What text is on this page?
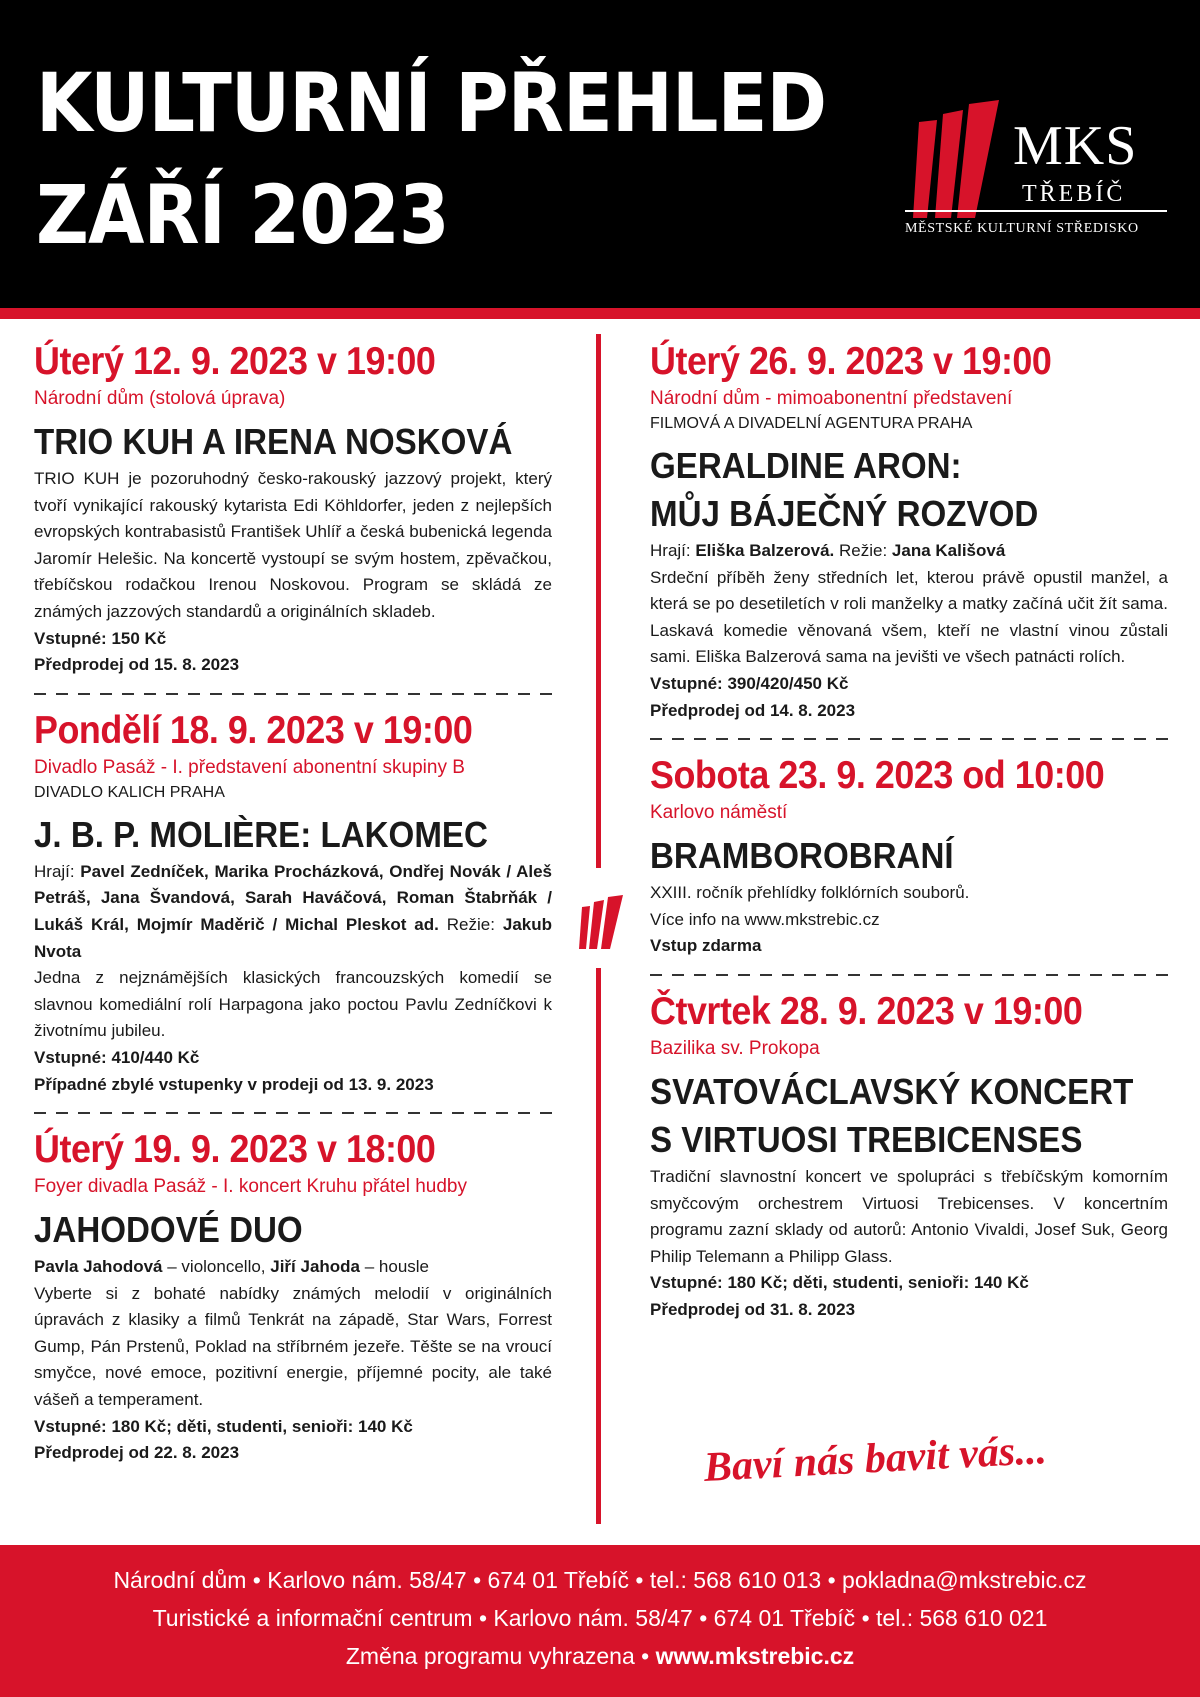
KULTURNÍ PŘEHLED
ZÁŘÍ 2023
MKS
TŘEBÍČ
MĚSTSKÉ KULTURNÍ STŘEDISKO
Úterý 12. 9. 2023 v 19:00
Národní dům (stolová úprava)
TRIO KUH A IRENA NOSKOVÁ
TRIO KUH je pozoruhodný česko-rakouský jazzový projekt, který tvoří vynikající rakouský kytarista Edi Köhldorfer, jeden z nejlepších evropských kontrabasistů František Uhlíř a česká bubenická legenda Jaromír Helešic. Na koncertě vystoupí se svým hostem, zpěvačkou, třebíčskou rodačkou Irenou Noskovou. Program se skládá ze známých jazzových standardů a originálních skladeb.
Vstupné: 150 Kč
Předprodej od 15. 8. 2023
Pondělí 18. 9. 2023 v 19:00
Divadlo Pasáž - I. představení abonentní skupiny B
DIVADLO KALICH PRAHA
J. B. P. MOLIÈRE: LAKOMEC
Hrají: Pavel Zedníček, Marika Procházková, Ondřej Novák / Aleš Petráš, Jana Švandová, Sarah Haváčová, Roman Štabrňák / Lukáš Král, Mojmír Maděrič / Michal Pleskot ad. Režie: Jakub Nvota
Jedna z nejznámějších klasických francouzských komedií se slavnou komediální rolí Harpagona jako poctou Pavlu Zedníčkovi k životnímu jubileu.
Vstupné: 410/440 Kč
Případné zbylé vstupenky v prodeji od 13. 9. 2023
Úterý 19. 9. 2023 v 18:00
Foyer divadla Pasáž - I. koncert Kruhu přátel hudby
JAHODOVÉ DUO
Pavla Jahodová – violoncello, Jiří Jahoda – housle
Vyberte si z bohaté nabídky známých melodií v originálních úpravách z klasiky a filmů Tenkrát na západě, Star Wars, Forrest Gump, Pán Prstenů, Poklad na stříbrném jezeře. Těšte se na vroucí smyčce, nové emoce, pozitivní energie, příjemné pocity, ale také vášeň a temperament.
Vstupné: 180 Kč; děti, studenti, senioři: 140 Kč
Předprodej od 22. 8. 2023
Úterý 26. 9. 2023 v 19:00
Národní dům - mimoabonentní představení
FILMOVÁ A DIVADELNÍ AGENTURA PRAHA
GERALDINE ARON:
MŮJ BÁJEČNÝ ROZVOD
Hrají: Eliška Balzerová. Režie: Jana Kališová
Srdeční příběh ženy středních let, kterou právě opustil manžel, a která se po desetiletích v roli manželky a matky začíná učit žít sama. Laskavá komedie věnovaná všem, kteří ne vlastní vinou zůstali sami. Eliška Balzerová sama na jevišti ve všech patnácti rolích.
Vstupné: 390/420/450 Kč
Předprodej od 14. 8. 2023
Sobota 23. 9. 2023 od 10:00
Karlovo náměstí
BRAMBOROBRANÍ
XXIII. ročník přehlídky folklórních souborů.
Více info na www.mkstrebic.cz
Vstup zdarma
Čtvrtek 28. 9. 2023 v 19:00
Bazilika sv. Prokopa
SVATOVÁCLAVSKÝ KONCERT
S VIRTUOSI TREBICENSES
Tradiční slavnostní koncert ve spolupráci s třebíčským komorním smyčcovým orchestrem Virtuosi Trebicenses. V koncertním programu zazní sklady od autorů: Antonio Vivaldi, Josef Suk, Georg Philip Telemann a Philipp Glass.
Vstupné: 180 Kč; děti, studenti, senioři: 140 Kč
Předprodej od 31. 8. 2023
Baví nás bavit vás...
Národní dům • Karlovo nám. 58/47 • 674 01 Třebíč • tel.: 568 610 013 • pokladna@mkstrebic.cz
Turistické a informační centrum • Karlovo nám. 58/47 • 674 01 Třebíč • tel.: 568 610 021
Změna programu vyhrazena • www.mkstrebic.cz
